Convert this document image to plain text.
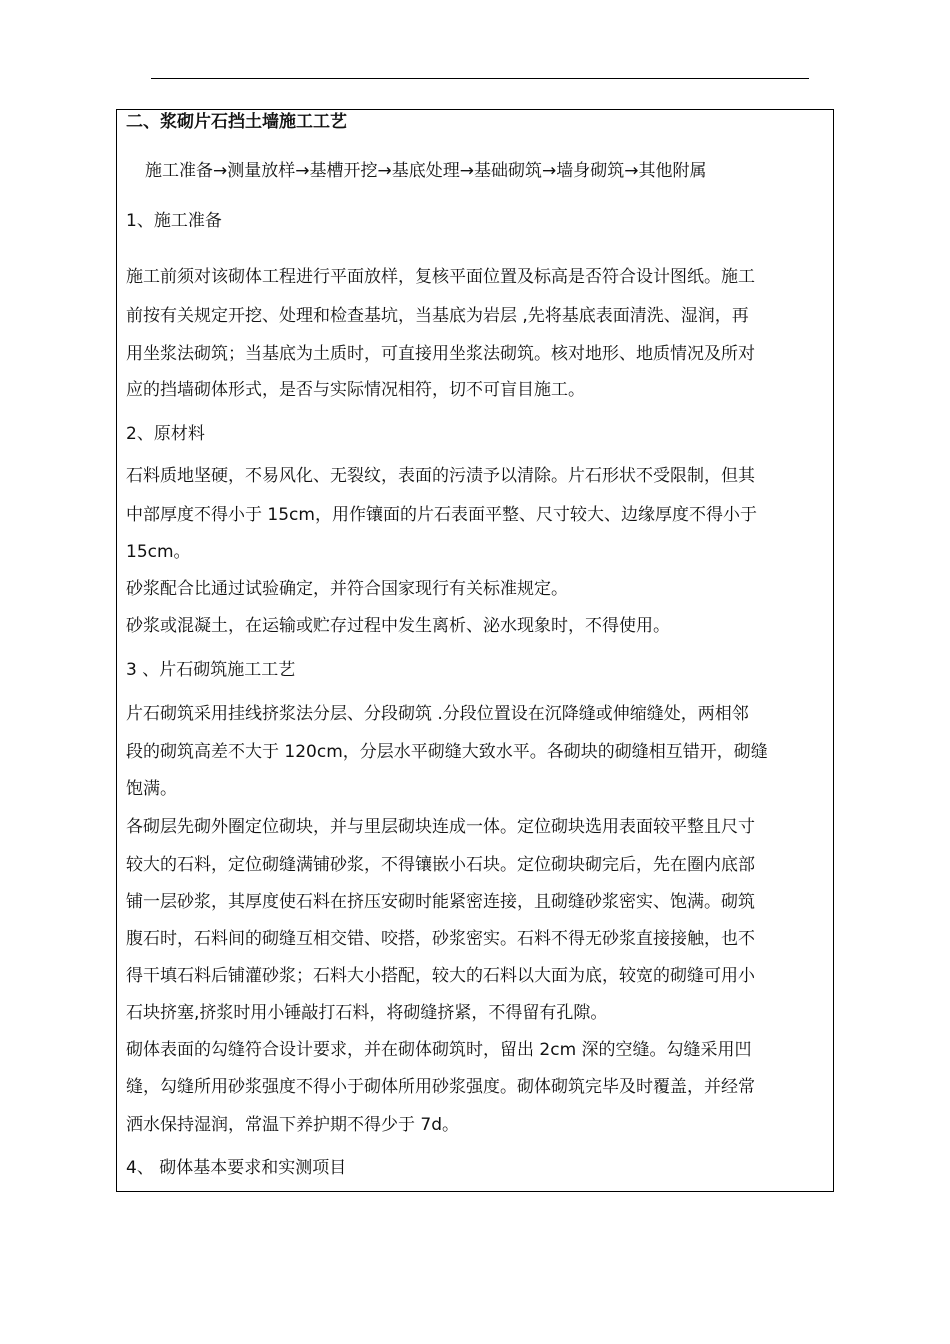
二、浆砌片石挡土墙施工工艺
施工准备→测量放样→基槽开挖→基底处理→基础砌筑→墙身砌筑→其他附属
1、施工准备
施工前须对该砌体工程进行平面放样，复核平面位置及标高是否符合设计图纸。施工
前按有关规定开挖、处理和检查基坑，当基底为岩层 ,先将基底表面清洗、湿润，再
用坐浆法砌筑；当基底为土质时，可直接用坐浆法砌筑。核对地形、地质情况及所对
应的挡墙砌体形式，是否与实际情况相符，切不可盲目施工。
2、原材料
石料质地坚硬，不易风化、无裂纹，表面的污渍予以清除。片石形状不受限制，但其
中部厚度不得小于 15cm，用作镶面的片石表面平整、尺寸较大、边缘厚度不得小于
15cm。
砂浆配合比通过试验确定，并符合国家现行有关标准规定。
砂浆或混凝土，在运输或贮存过程中发生离析、泌水现象时，不得使用。
3 、片石砌筑施工工艺
片石砌筑采用挂线挤浆法分层、分段砌筑 .分段位置设在沉降缝或伸缩缝处，两相邻
段的砌筑高差不大于 120cm，分层水平砌缝大致水平。各砌块的砌缝相互错开，砌缝
饱满。
各砌层先砌外圈定位砌块，并与里层砌块连成一体。定位砌块选用表面较平整且尺寸
较大的石料，定位砌缝满铺砂浆，不得镶嵌小石块。定位砌块砌完后，先在圈内底部
铺一层砂浆，其厚度使石料在挤压安砌时能紧密连接，且砌缝砂浆密实、饱满。砌筑
腹石时，石料间的砌缝互相交错、咬搭，砂浆密实。石料不得无砂浆直接接触，也不
得干填石料后铺灌砂浆；石料大小搭配，较大的石料以大面为底，较宽的砌缝可用小
石块挤塞,挤浆时用小锤敲打石料，将砌缝挤紧，不得留有孔隙。
砌体表面的勾缝符合设计要求，并在砌体砌筑时，留出 2cm 深的空缝。勾缝采用凹
缝，勾缝所用砂浆强度不得小于砌体所用砂浆强度。砌体砌筑完毕及时覆盖，并经常
洒水保持湿润，常温下养护期不得少于 7d。
4、 砌体基本要求和实测项目
